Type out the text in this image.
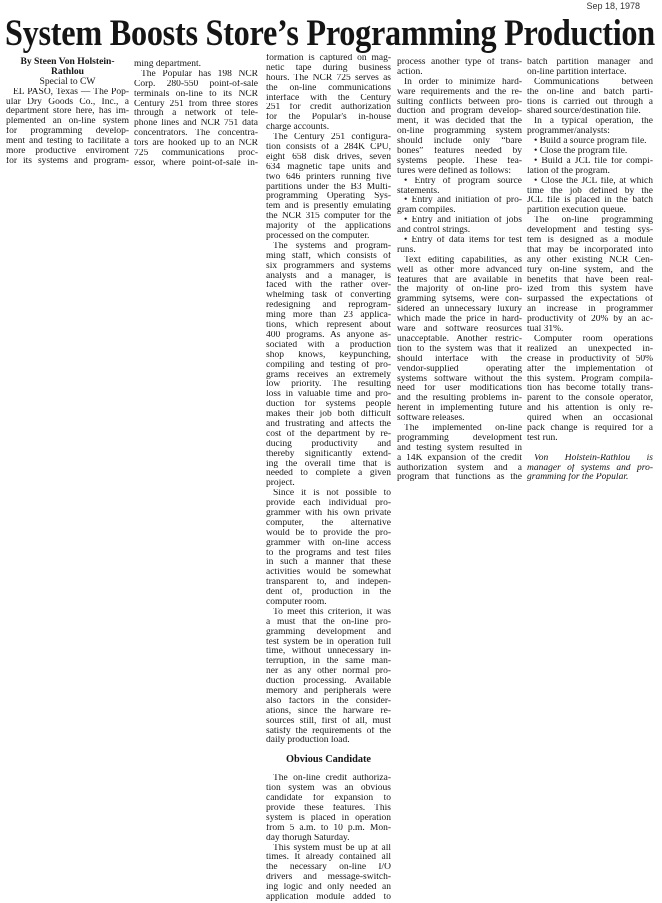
Sep 18, 1978
System Boosts Store’s Programming Production
By Steen Von Holstein-
Rathlou
Special to CW
EL PASO, Texas — The Pop-
ular Dry Goods Co., Inc., a
department store here, has im-
plemented an on-line system
for programming develop-
ment and testing to facilitate a
more productive enviroment
for its systems and program-
ming department.
The Popular has 198 NCR
Corp. 280-550 point-of-sale
terminals on-line to its NCR
Century 251 from three stores
through a network of tele-
phone lines and NCR 751 data
concentrators. The concentra-
tors are hooked up to an NCR
725 communications proc-
essor, where point-of-sale in-
formation is captured on mag-
netic tape during business
hours. The NCR 725 serves as
the on-line communications
interface with the Century
251 for credit authorization
for the Popular's in-house
charge accounts.
The Century 251 configura-
tion consists of a 284K CPU,
eight 658 disk drives, seven
634 magnetic tape units and
two 646 printers running five
partitions under the B3 Multi-
programming Operating Sys-
tem and is presently emulating
the NCR 315 computer for the
majority of the applications
processed on the computer.
The systems and program-
ming staff, which consists of
six programmers and systems
analysts and a manager, is
faced with the rather over-
whelming task of converting
redesigning and reprogram-
ming more than 23 applica-
tions, which represent about
400 programs. As anyone as-
sociated with a production
shop knows, keypunching,
compiling and testing of pro-
grams receives an extremely
low priority. The resulting
loss in valuable time and pro-
duction for systems people
makes their job both difficult
and frustrating and affects the
cost of the department by re-
ducing productivity and
thereby significantly extend-
ing the overall time that is
needed to complete a given
project.
Since it is not possible to
provide each individual pro-
grammer with his own private
computer, the alternative
would be to provide the pro-
grammer with on-line access
to the programs and test files
in such a manner that these
activities would be somewhat
transparent to, and indepen-
dent of, production in the
computer room.
To meet this criterion, it was
a must that the on-line pro-
gramming development and
test system be in operation full
time, without unnecessary in-
terruption, in the same man-
ner as any other normal pro-
duction processing. Available
memory and peripherals were
also factors in the consider-
ations, since the harware re-
sources still, first of all, must
satisfy the requirements of the
daily production load.
Obvious Candidate
The on-line credit authoriza-
tion system was an obvious
candidate for expansion to
provide these features. This
system is placed in operation
from 5 a.m. to 10 p.m. Mon-
day thorugh Saturday.
This system must be up at all
times. It already contained all
the necessary on-line I/O
drivers and message-switch-
ing logic and only needed an
application module added to
process another type of trans-
action.
In order to minimize hard-
ware requirements and the re-
sulting conflicts between pro-
duction and program develop-
ment, it was decided that the
on-line programming system
should include only “bare
bones” features needed by
systems people. These fea-
tures were defined as follows:
• Entry of program source
statements.
• Entry and initiation of pro-
gram compiles.
• Entry and initiation of jobs
and control strings.
• Entry of data items for test
runs.
Text editing capabilities, as
well as other more advanced
features that are available in
the majority of on-line pro-
gramming sytsems, were con-
sidered an unnecessary luxury
which made the price in hard-
ware and software reosurces
unacceptable. Another restric-
tion to the system was that it
should interface with the
vendor-supplied operating
systems software without the
need for user modifications
and the resulting problems in-
herent in implementing future
software releases.
The implemented on-line
programming development
and testing system resulted in
a 14K expansion of the credit
authorization system and a
program that functions as the
batch partition manager and
on-line partition interface.
Communications between
the on-line and batch parti-
tions is carried out through a
shared source/destination file.
In a typical operation, the
programmer/analysts:
• Build a source program file.
• Close the program file.
• Build a JCL file for compi-
lation of the program.
• Close the JCL file, at which
time the job defined by the
JCL file is placed in the batch
partition execution queue.
The on-line programming
development and testing sys-
tem is designed as a module
that may be incorporated into
any other existing NCR Cen-
tury on-line system, and the
benefits that have been real-
ized from this system have
surpassed the expectations of
an increase in programmer
productivity of 20% by an ac-
tual 31%.
Computer room operations
realized an unexpected in-
crease in productivity of 50%
after the implementation of
this system. Program compila-
tion has become totally trans-
parent to the console operator,
and his attention is only re-
quired when an occasional
pack change is required for a
test run.
Von Holstein-Rathlou is
manager of systems and pro-
gramming for the Popular.
